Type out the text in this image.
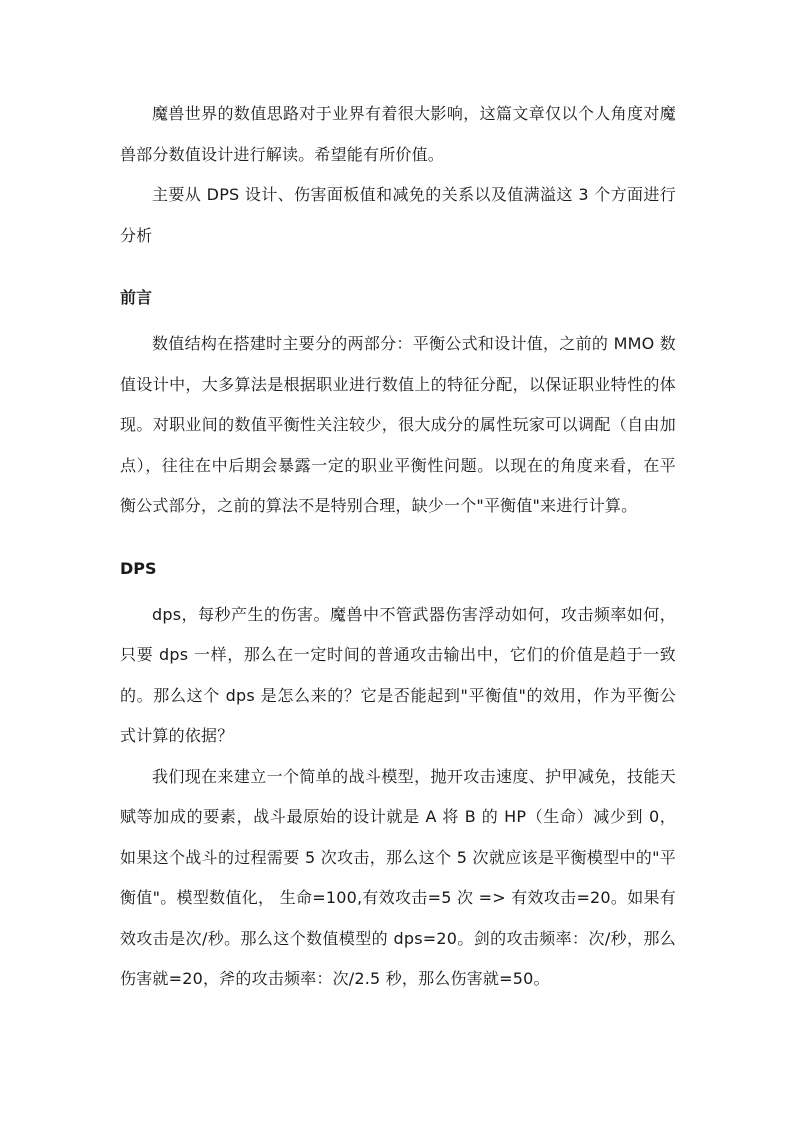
魔兽世界的数值思路对于业界有着很大影响，这篇文章仅以个人角度对魔兽部分数值设计进行解读。希望能有所价值。

主要从 DPS 设计、伤害面板值和减免的关系以及值满溢这 3 个方面进行分析

前言

数值结构在搭建时主要分的两部分：平衡公式和设计值，之前的 MMO 数值设计中，大多算法是根据职业进行数值上的特征分配，以保证职业特性的体现。对职业间的数值平衡性关注较少，很大成分的属性玩家可以调配（自由加点），往往在中后期会暴露一定的职业平衡性问题。以现在的角度来看，在平衡公式部分，之前的算法不是特别合理，缺少一个"平衡值"来进行计算。

DPS

dps，每秒产生的伤害。魔兽中不管武器伤害浮动如何，攻击频率如何，只要 dps 一样，那么在一定时间的普通攻击输出中，它们的价值是趋于一致的。那么这个 dps 是怎么来的？它是否能起到"平衡值"的效用，作为平衡公式计算的依据？

我们现在来建立一个简单的战斗模型，抛开攻击速度、护甲减免，技能天赋等加成的要素，战斗最原始的设计就是 A 将 B 的 HP（生命）减少到 0，如果这个战斗的过程需要 5 次攻击，那么这个 5 次就应该是平衡模型中的"平衡值"。模型数值化， 生命=100,有效攻击=5 次 => 有效攻击=20。如果有效攻击是次/秒。那么这个数值模型的 dps=20。剑的攻击频率：次/秒，那么伤害就=20，斧的攻击频率：次/2.5 秒，那么伤害就=50。
